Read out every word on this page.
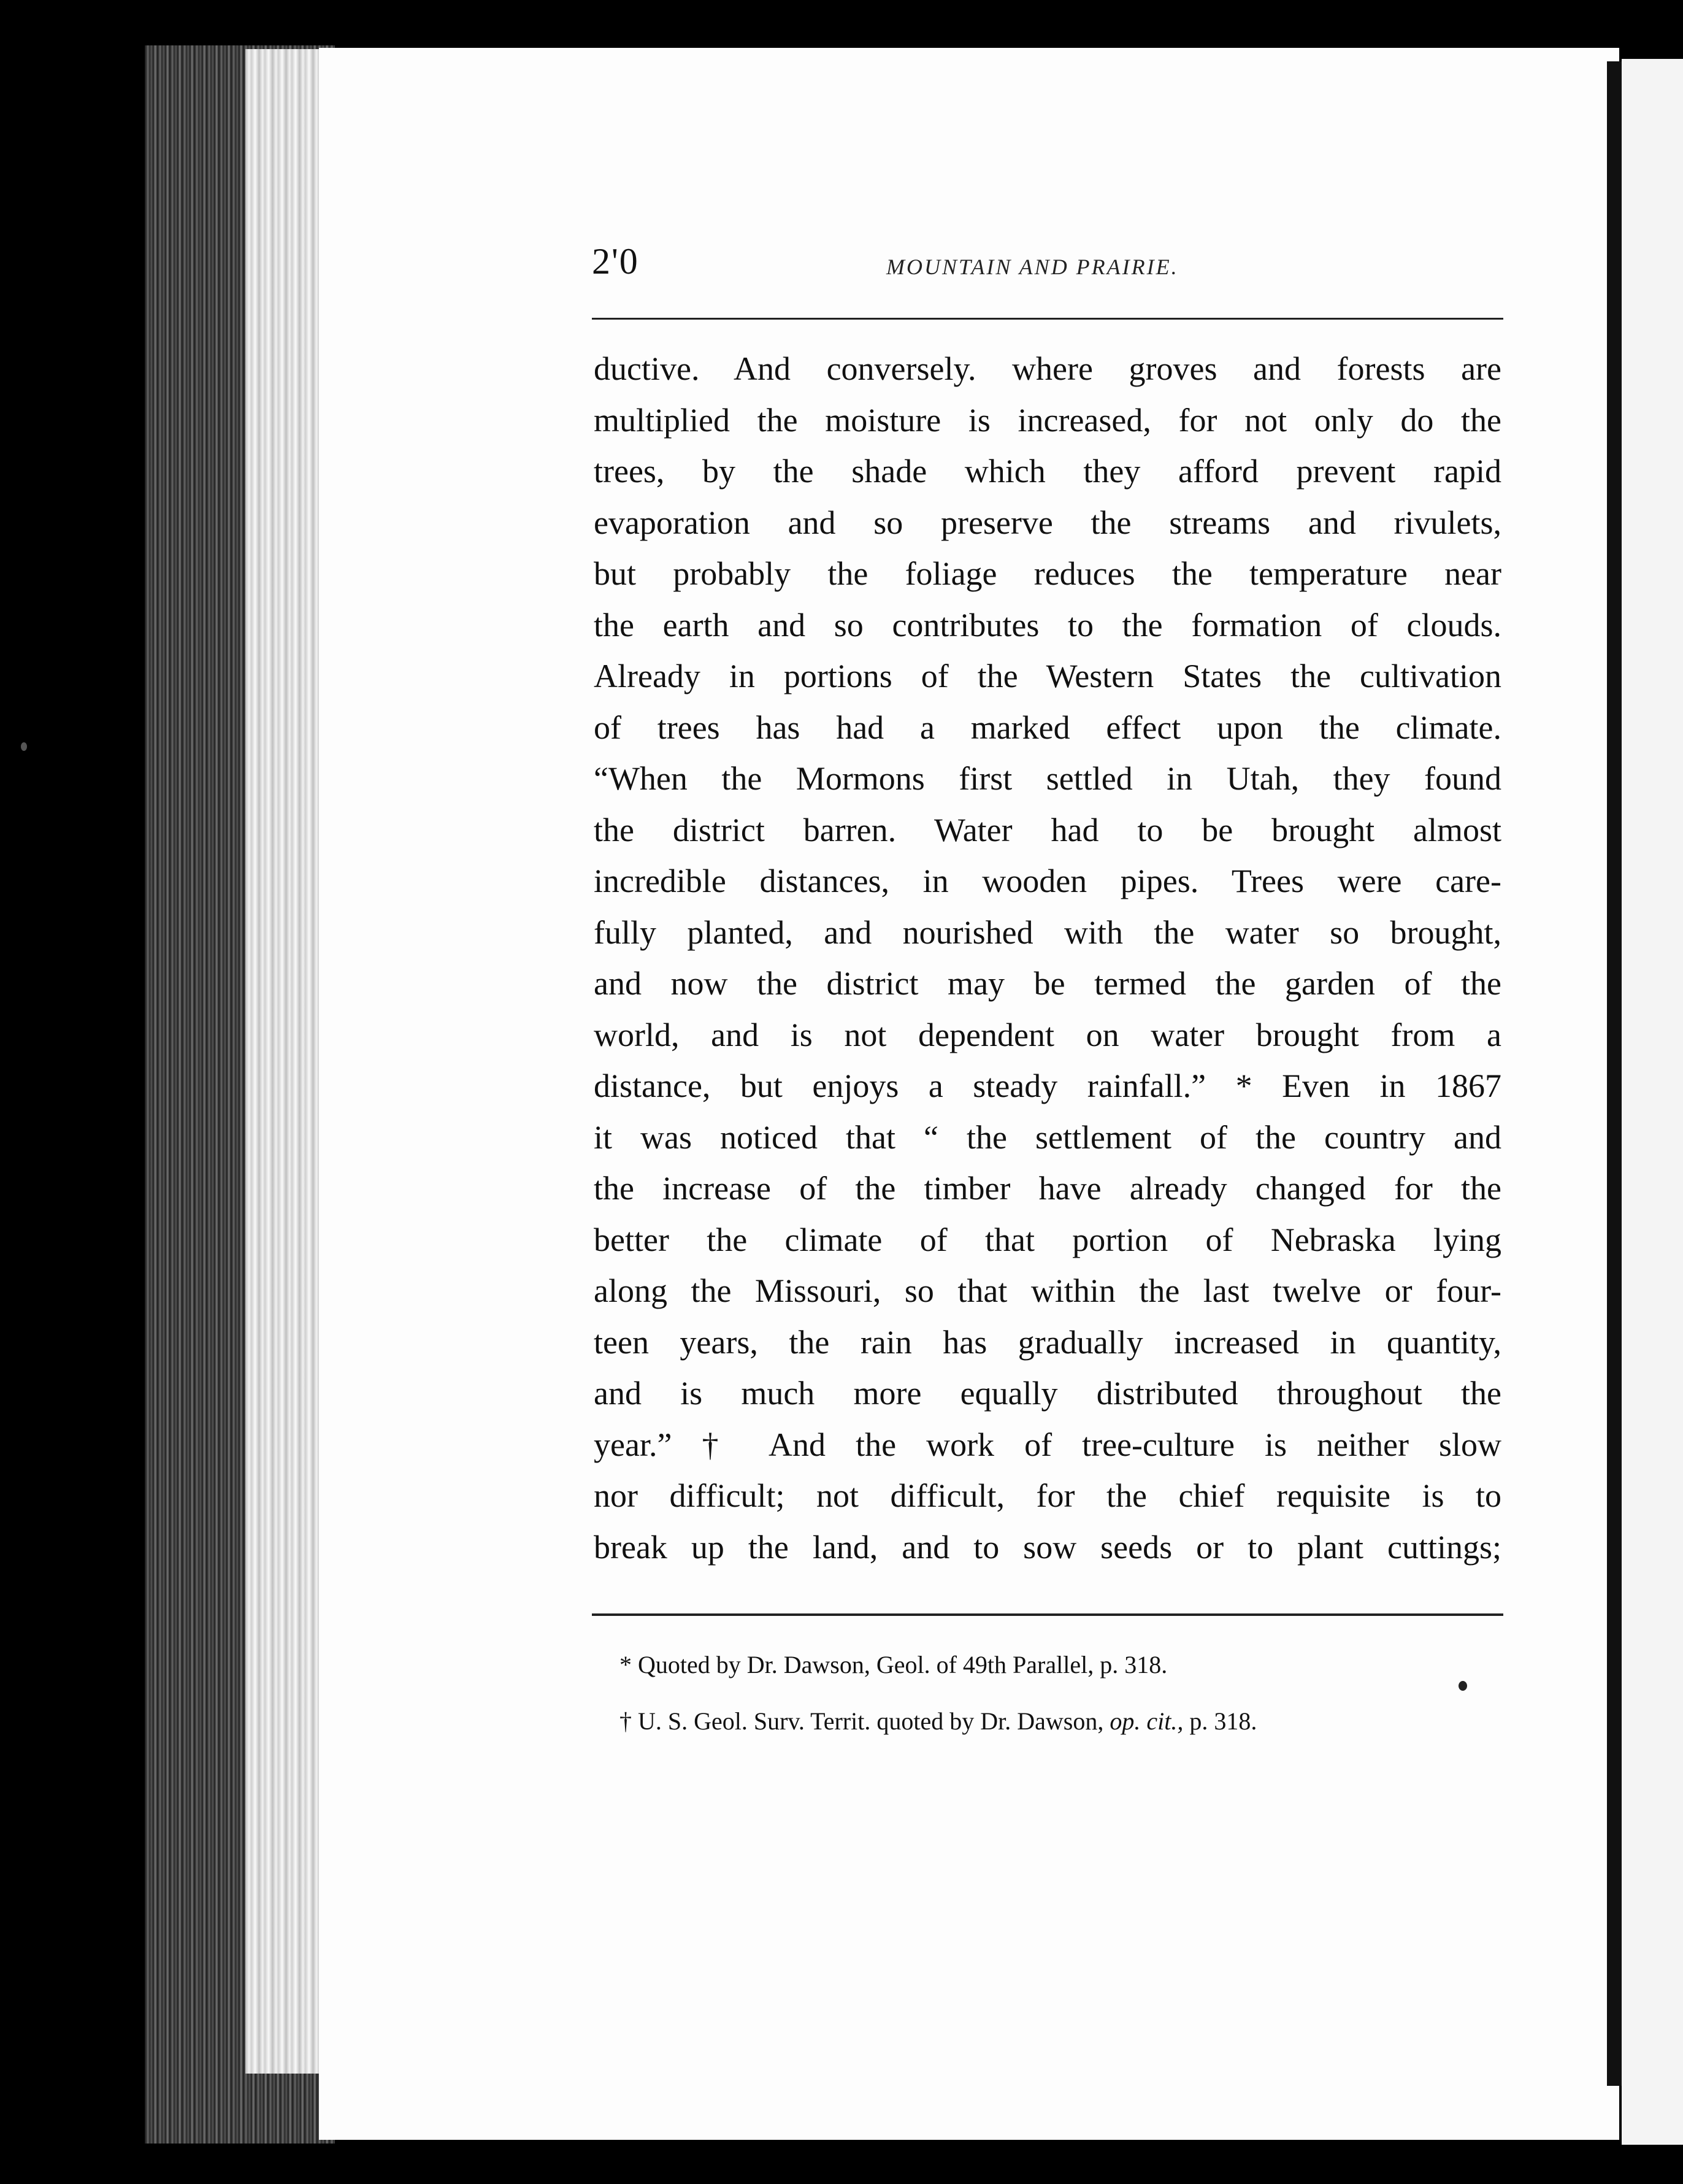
2'0	MOUNTAIN AND PRAIRIE.
ductive. And conversely. where groves and forests are
multiplied the moisture is increased, for not only do the
trees, by the shade which they afford prevent rapid
evaporation and so preserve the streams and rivulets,
but probably the foliage reduces the temperature near
the earth and so contributes to the formation of clouds.
Already in portions of the Western States the cultivation
of trees has had a marked effect upon the climate.
“When the Mormons first settled in Utah, they found
the district barren. Water had to be brought almost
incredible distances, in wooden pipes. Trees were care-
fully planted, and nourished with the water so brought,
and now the district may be termed the garden of the
world, and is not dependent on water brought from a
distance, but enjoys a steady rainfall.” * Even in 1867
it was noticed that “ the settlement of the country and
the increase of the timber have already changed for the
better the climate of that portion of Nebraska lying
along the Missouri, so that within the last twelve or four-
teen years, the rain has gradually increased in quantity,
and is much more equally distributed throughout the
year.” † And the work of tree-culture is neither slow
nor difficult; not difficult, for the chief requisite is to
break up the land, and to sow seeds or to plant cuttings;
* Quoted by Dr. Dawson, Geol. of 49th Parallel, p. 318.
† U. S. Geol. Surv. Territ. quoted by Dr. Dawson, op. cit., p. 318.
